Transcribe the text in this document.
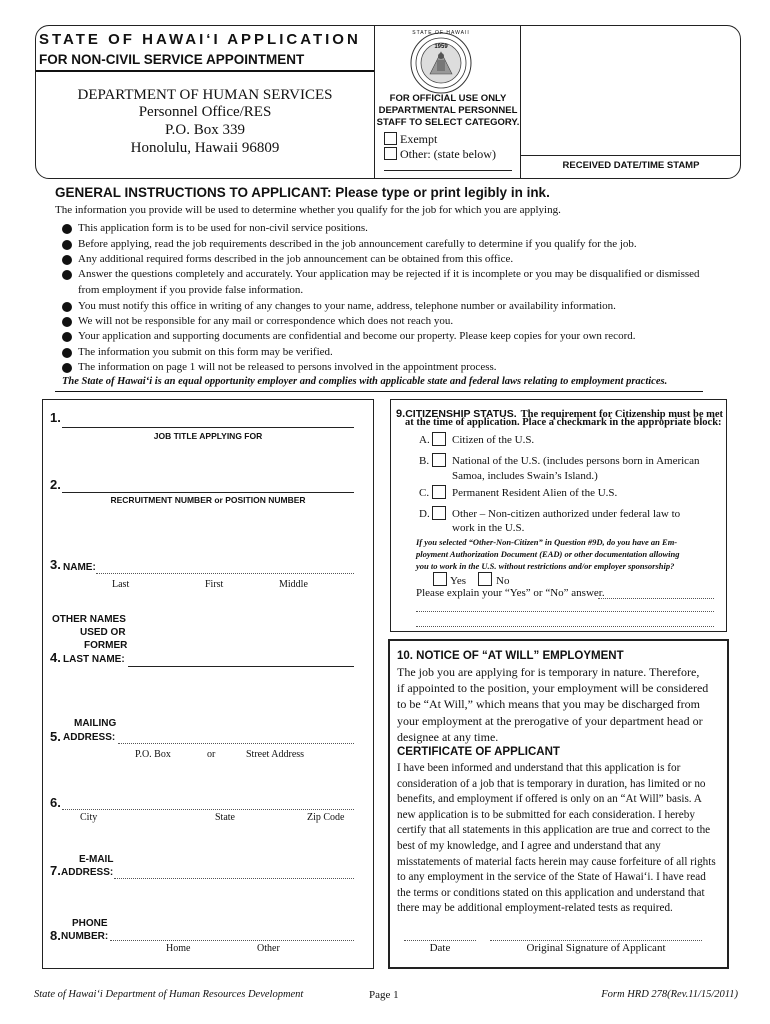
STATE OF HAWAI‘I APPLICATION
FOR NON-CIVIL SERVICE APPOINTMENT
DEPARTMENT OF HUMAN SERVICES
Personnel Office/RES
P.O. Box 339
Honolulu, Hawaii 96809
STATE OF HAWAII
1959
FOR OFFICIAL USE ONLY
DEPARTMENTAL PERSONNEL
STAFF TO SELECT CATEGORY.
Exempt
Other: (state below)
RECEIVED DATE/TIME STAMP
GENERAL INSTRUCTIONS TO APPLICANT: Please type or print legibly in ink.
The information you provide will be used to determine whether you qualify for the job for which you are applying.
This application form is to be used for non-civil service positions.
Before applying, read the job requirements described in the job announcement carefully to determine if you qualify for the job.
Any additional required forms described in the job announcement can be obtained from this office.
Answer the questions completely and accurately. Your application may be rejected if it is incomplete or you may be disqualified or dismissed
You must notify this office in writing of any changes to your name, address, telephone number or availability information.
We will not be responsible for any mail or correspondence which does not reach you.
Your application and supporting documents are confidential and become our property. Please keep copies for your own record.
The information you submit on this form may be verified.
The information on page 1 will not be released to persons involved in the appointment process.
from employment if you provide false information.
The State of Hawai‘i is an equal opportunity employer and complies with applicable state and federal laws relating to employment practices.
1.
JOB TITLE APPLYING FOR
2.
RECRUITMENT NUMBER or POSITION NUMBER
3. NAME:
Last	First	Middle
OTHER NAMES
USED OR
FORMER
4. LAST NAME:
MAILING
5. ADDRESS:
P.O. Box	or	Street Address
6.
City	State	Zip Code
E-MAIL
7. ADDRESS:
PHONE
8. NUMBER:
Home	Other
9.CITIZENSHIP STATUS. The requirement for Citizenship must be met
at the time of application. Place a checkmark in the appropriate block:
A. Citizen of the U.S.
B. National of the U.S. (includes persons born in American
Samoa, includes Swain’s Island.)
C. Permanent Resident Alien of the U.S.
D. Other – Non-citizen authorized under federal law to
work in the U.S.
If you selected “Other-Non-Citizen” in Question #9D, do you have an Em-
ployment Authorization Document (EAD) or other documentation allowing
you to work in the U.S. without restrictions and/or employer sponsorship?
Yes	No
Please explain your “Yes” or “No” answer.
10. NOTICE OF “AT WILL” EMPLOYMENT
The job you are applying for is temporary in nature. Therefore,
if appointed to the position, your employment will be considered
to be “At Will,” which means that you may be discharged from
your employment at the prerogative of your department head or
designee at any time.
CERTIFICATE OF APPLICANT
I have been informed and understand that this application is for
consideration of a job that is temporary in duration, has limited or no
benefits, and employment if offered is only on an “At Will” basis. A
new application is to be submitted for each consideration. I hereby
certify that all statements in this application are true and correct to the
best of my knowledge, and I agree and understand that any
misstatements of material facts herein may cause forfeiture of all rights
to any employment in the service of the State of Hawai‘i. I have read
the terms or conditions stated on this application and understand that
there may be additional employment-related tests as required.
Date	Original Signature of Applicant
State of Hawai‘i Department of Human Resources Development	Page 1	Form HRD 278(Rev.11/15/2011)
